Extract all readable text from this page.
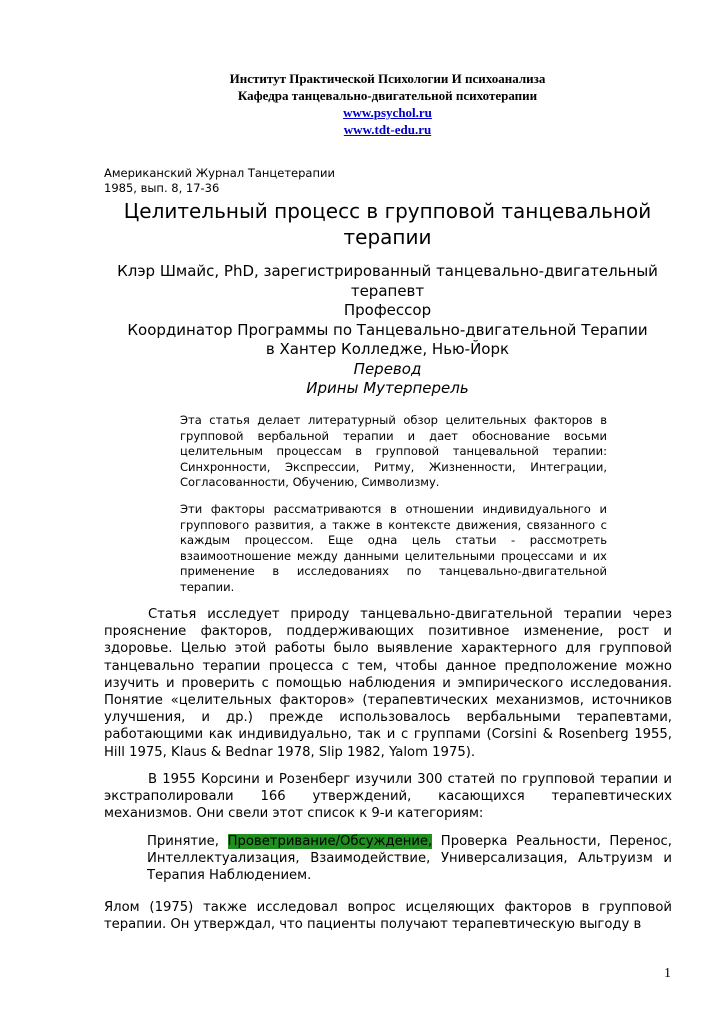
Институт Практической Психологии И психоанализа
Кафедра танцевально-двигательной психотерапии
www.psychol.ru
www.tdt-edu.ru
Американский Журнал Танцетерапии
1985, вып. 8, 17-36
Целительный процесс в групповой танцевальной
терапии
Клэр Шмайс, PhD, зарегистрированный танцевально-двигательный
терапевт
Профессор
Координатор Программы по Танцевально-двигательной Терапии
в Хантер Колледже, Нью-Йорк
Перевод
Ирины Мутерперель

Эта статья делает литературный обзор целительных факторов в групповой вербальной терапии и дает обоснование восьми целительным процессам в групповой танцевальной терапии: Синхронности, Экспрессии, Ритму, Жизненности, Интеграции, Согласованности, Обучению, Символизму.

Эти факторы рассматриваются в отношении индивидуального и группового развития, а также в контексте движения, связанного с каждым процессом. Еще одна цель статьи - рассмотреть взаимоотношение между данными целительными процессами и их применение в исследованиях по танцевально-двигательной терапии.

Статья исследует природу танцевально-двигательной терапии через прояснение факторов, поддерживающих позитивное изменение, рост и здоровье. Целью этой работы было выявление характерного для групповой танцевально терапии процесса с тем, чтобы данное предположение можно изучить и проверить с помощью наблюдения и эмпирического исследования. Понятие «целительных факторов» (терапевтических механизмов, источников улучшения, и др.) прежде использовалось вербальными терапевтами, работающими как индивидуально, так и с группами (Corsini & Rosenberg 1955, Hill 1975, Klaus & Bednar 1978, Slip 1982, Yalom 1975).

В 1955 Корсини и Розенберг изучили 300 статей по групповой терапии и экстраполировали 166 утверждений, касающихся терапевтических механизмов. Они свели этот список к 9-и категориям:

Принятие, Проветривание/Обсуждение, Проверка Реальности, Перенос, Интеллектуализация, Взаимодействие, Универсализация, Альтруизм и Терапия Наблюдением.

Ялом (1975) также исследовал вопрос исцеляющих факторов в групповой терапии. Он утверждал, что пациенты получают терапевтическую выгоду в

1
